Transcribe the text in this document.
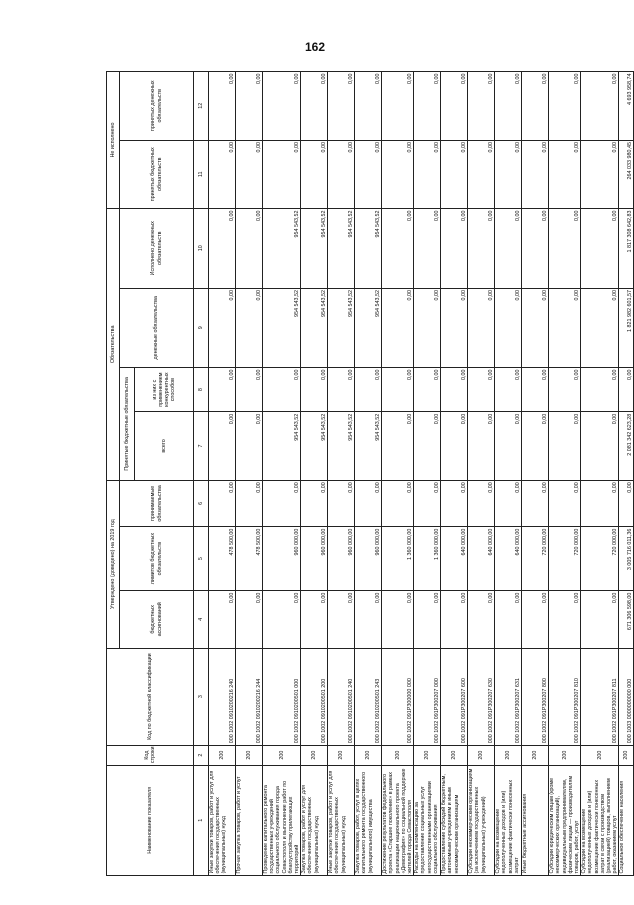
162
Наименование показателя	Код строки	Код по бюджетной классификации	Утверждено (доведено) на 2019 год			Обязательства				Не исполнено	
			бюджетных ассигнований	лимитов бюджетных обязательств	принимаемые обязательства	Принятые бюджетные обязательства		денежные обязательства	Исполнено денежных обязательств	принятых бюджетных обязательств	принятых денежных обязательств
						всего	из них с применением конкурентных способов				
1	2	3	4	5	6	7	8	9	10	11	12
Иные закупки товаров, работ и услуг для обеспечения государственных (муниципальных) нужд	200	000 1002 0910200216 240	0,00	478 500,00	0,00	0,00	0,00	0,00	0,00	0,00	0,00
Прочая закупка товаров, работ и услуг	200	000 1002 0910200216 244	0,00	478 500,00	0,00	0,00	0,00	0,00	0,00	0,00	0,00
Проведение капитального ремонта государственных учреждений социального обслуживания города Севастополя и выполнение работ по благоустройству прилегающих территорий	200	000 1002 0910200501 000	0,00	960 000,00	0,00	954 543,52	0,00	954 543,52	954 543,52	0,00	0,00
Закупка товаров, работ и услуг для обеспечения государственных (муниципальных) нужд	200	000 1002 0910200501 200	0,00	960 000,00	0,00	954 543,52	0,00	954 543,52	954 543,52	0,00	0,00
Иные закупки товаров, работ и услуг для обеспечения государственных (муниципальных) нужд	200	000 1002 0910200501 240	0,00	960 000,00	0,00	954 543,52	0,00	954 543,52	954 543,52	0,00	0,00
Закупка товаров, работ, услуг в целях капитального ремонта государственного (муниципального) имущества	200	000 1002 0910200501 243	0,00	960 000,00	0,00	954 543,52	0,00	954 543,52	954 543,52	0,00	0,00
Достижение результатов федерального проекта «Старшее поколение» в рамках реализации национального проекта «Демография» по социальной поддержке жителей города Севастополя	200	000 1002 091P300000 000	0,00	1 360 000,00	0,00	0,00	0,00	0,00	0,00	0,00	0,00
Расходы на компенсацию за предоставление социальных услуг негосударственными организациями социального обслуживания	200	000 1002 091P300207 000	0,00	1 360 000,00	0,00	0,00	0,00	0,00	0,00	0,00	0,00
Предоставление субсидий бюджетным, автономным учреждениям и иным некоммерческим организациям	200	000 1002 091P300207 600	0,00	640 000,00	0,00	0,00	0,00	0,00	0,00	0,00	0,00
Субсидии некоммерческим организациям (за исключением государственных (муниципальных) учреждений)	200	000 1002 091P300207 630	0,00	640 000,00	0,00	0,00	0,00	0,00	0,00	0,00	0,00
Субсидии на возмещение недополученных доходов и (или) возмещение фактически понесенных затрат	200	000 1002 091P300207 631	0,00	640 000,00	0,00	0,00	0,00	0,00	0,00	0,00	0,00
Иные бюджетные ассигнования	200	000 1002 091P300207 800	0,00	720 000,00	0,00	0,00	0,00	0,00	0,00	0,00	0,00
Субсидии юридическим лицам (кроме некоммерческих организаций), индивидуальным предпринимателям, физическим лицам — производителям товаров, работ, услуг	200	000 1002 091P300207 810	0,00	720 000,00	0,00	0,00	0,00	0,00	0,00	0,00	0,00
Субсидии на возмещение недополученных доходов и (или) возмещение фактически понесенных затрат в связи с производством (реализацией) товаров, выполнением работ, оказанием услуг	200	000 1002 091P300207 811	0,00	720 000,00	0,00	0,00	0,00	0,00	0,00	0,00	0,00
Социальное обеспечение населения	200	000 1003 0000000000 000	671 306 598,00	3 005 716 011,36	0,00	2 081 342 623,28	0,00	1 821 982 601,57	1 817 308 642,83	264 033 980,45	4 693 958,74
